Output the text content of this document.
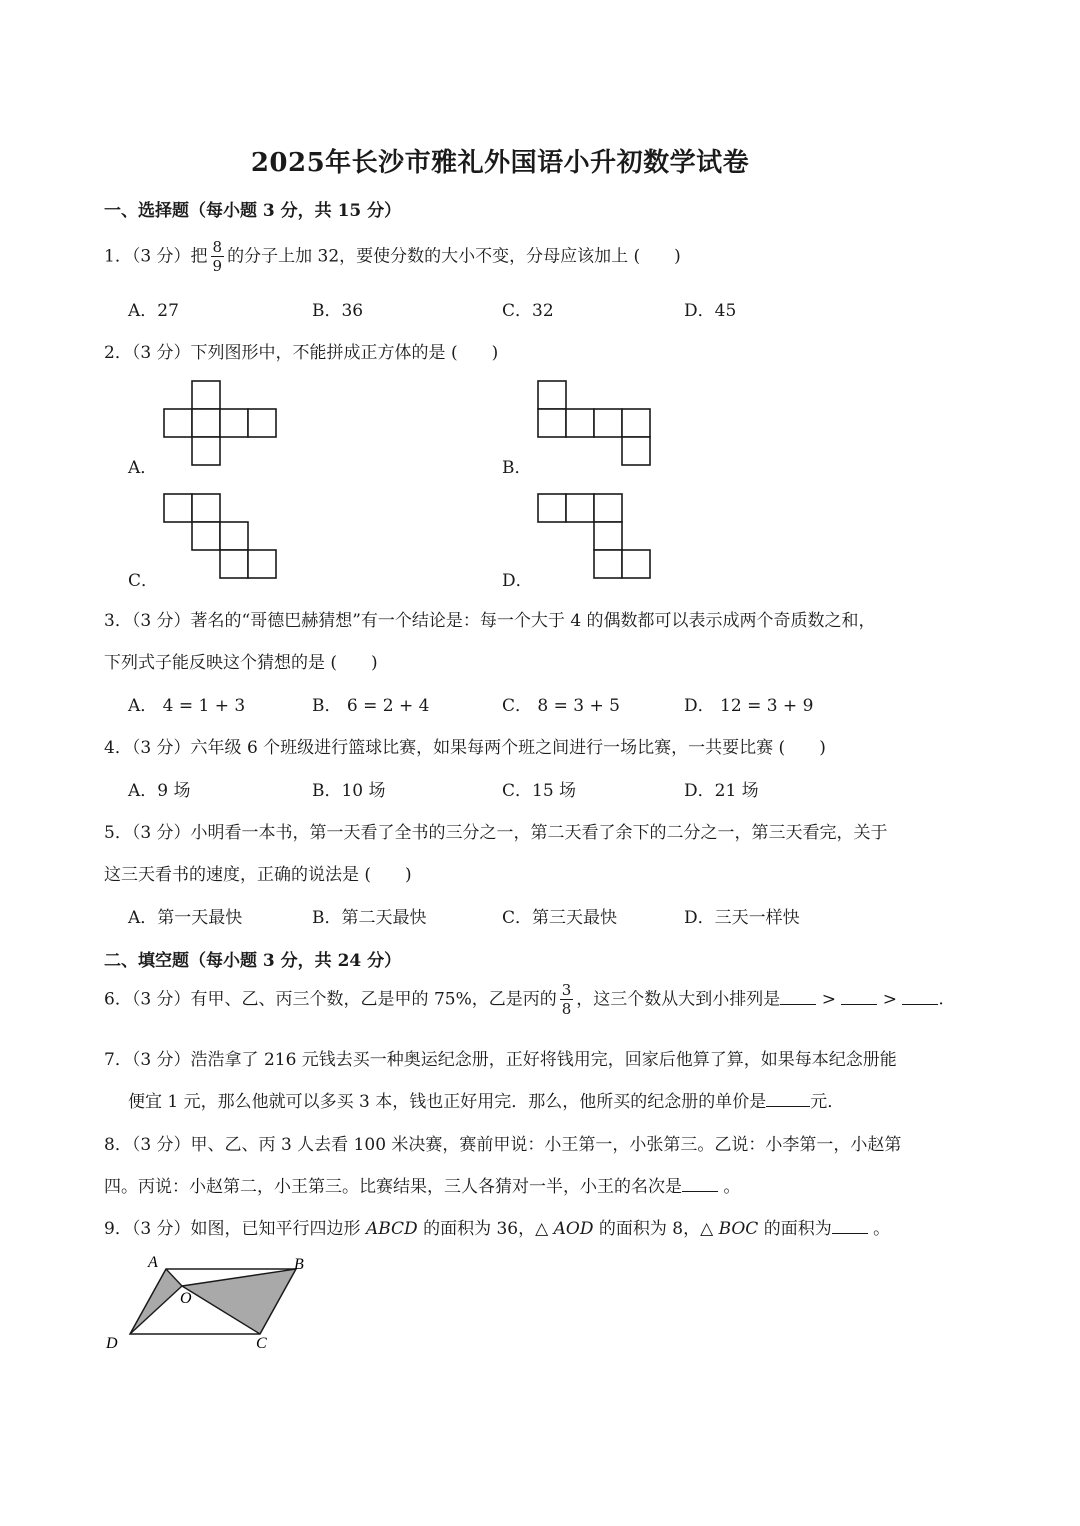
2025年长沙市雅礼外国语小升初数学试卷
一、选择题（每小题 3 分，共 15 分）
1．（3 分）把 $\frac{8}{9}$ 的分子上加 32，要使分数的大小不变，分母应该加上 (　　)
A．27	B．36	C．32	D．45
2．（3 分）下列图形中，不能拼成正方体的是 (　　)
A．	B．
C．	D．
3．（3 分）著名的“哥德巴赫猜想”有一个结论是：每一个大于 4 的偶数都可以表示成两个奇质数之和，
下列式子能反映这个猜想的是 (　　)
A． 4 = 1 + 3	B． 6 = 2 + 4	C． 8 = 3 + 5	D． 12 = 3 + 9
4．（3 分）六年级 6 个班级进行篮球比赛，如果每两个班之间进行一场比赛，一共要比赛 (　　)
A．9 场	B．10 场	C．15 场	D．21 场
5．（3 分）小明看一本书，第一天看了全书的三分之一，第二天看了余下的二分之一，第三天看完，关于
这三天看书的速度，正确的说法是 (　　)
A．第一天最快	B．第二天最快	C．第三天最快	D．三天一样快
二、填空题（每小题 3 分，共 24 分）
6．（3 分）有甲、乙、丙三个数，乙是甲的 75%，乙是丙的 $\frac{3}{8}$ ，这三个数从大到小排列是 >	> .
7．（3 分）浩浩拿了 216 元钱去买一种奥运纪念册，正好将钱用完，回家后他算了算，如果每本纪念册能
便宜 1 元，那么他就可以多买 3 本，钱也正好用完．那么，他所买的纪念册的单价是	元．
8．（3 分）甲、乙、丙 3 人去看 100 米决赛，赛前甲说：小王第一，小张第三。乙说：小李第一，小赵第
四。丙说：小赵第二，小王第三。比赛结果，三人各猜对一半，小王的名次是 。
9．（3 分）如图，已知平行四边形 ABCD 的面积为 36，△ AOD 的面积为 8，△ BOC 的面积为 。
A	B
O
D	C
